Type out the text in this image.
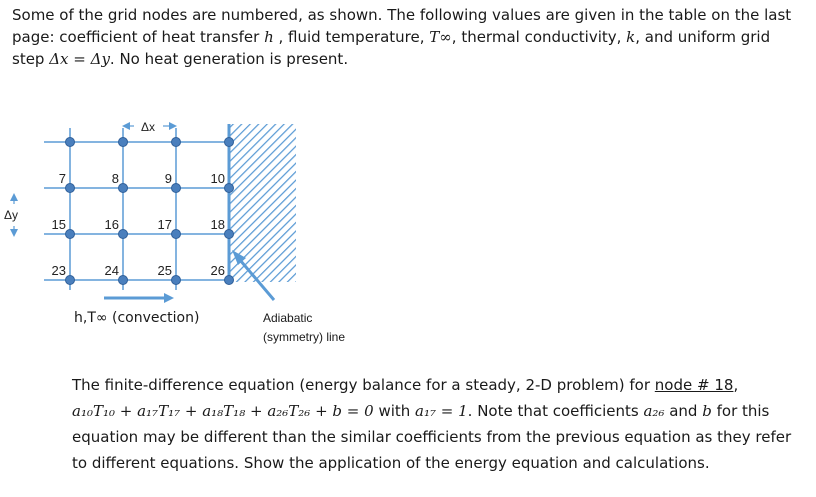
Some of the grid nodes are numbered, as shown. The following values are given in the table on the last page: coefficient of heat transfer h , fluid temperature, T∞, thermal conductivity, k, and uniform grid step Δx = Δy. No heat generation is present.

7	8	9	10
15	16	17	18
23	24	25	26
Δx
Δy
h,T∞ (convection)	Adiabatic
(symmetry) line

The finite-difference equation (energy balance for a steady, 2-D problem) for node # 18,
a₁₀T₁₀ + a₁₇T₁₇ + a₁₈T₁₈ + a₂₆T₂₆ + b = 0 with a₁₇ = 1. Note that coefficients a₂₆ and b for this equation may be different than the similar coefficients from the previous equation as they refer to different equations. Show the application of the energy equation and calculations.
